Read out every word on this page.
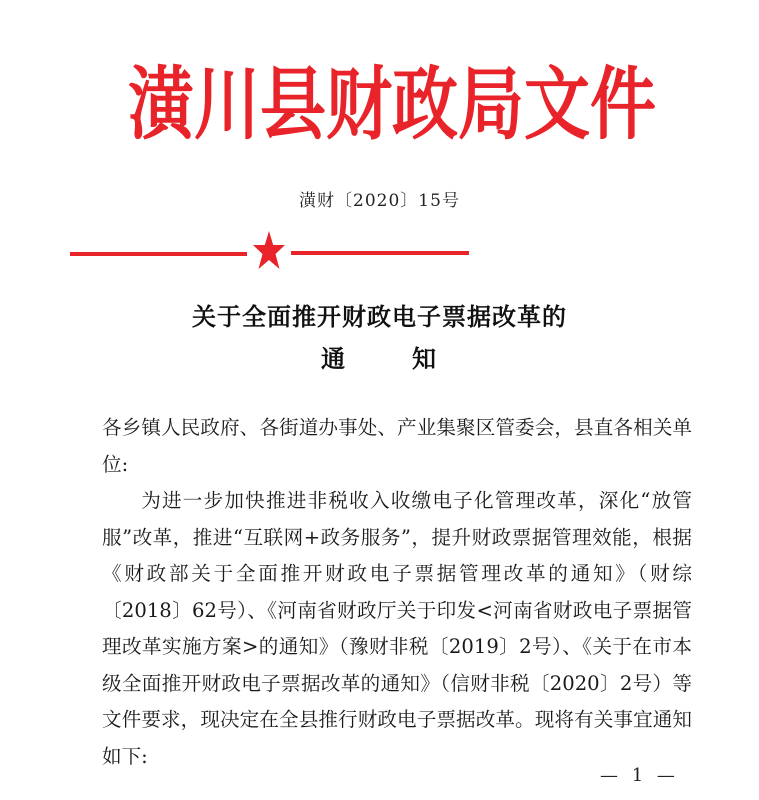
潢 川 县 财 政 局 文 件
潢财〔2020〕15号
关于全面推开财政电子票据改革的
通	知

各乡镇人民政府、各街道办事处、产业集聚区管委会，县直各相关单位:

为进一步加快推进非税收入收缴电子化管理改革，深化“放管服”改革，推进“互联网+政务服务”，提升财政票据管理效能，根据《财政部关于全面推开财政电子票据管理改革的通知》（财综〔2018〕62号）、《河南省财政厅关于印发<河南省财政电子票据管理改革实施方案>的通知》（豫财非税〔2019〕2号）、《关于在市本级全面推开财政电子票据改革的通知》（信财非税〔2020〕2号）等文件要求，现决定在全县推行财政电子票据改革。现将有关事宜通知如下:

— 1 —
